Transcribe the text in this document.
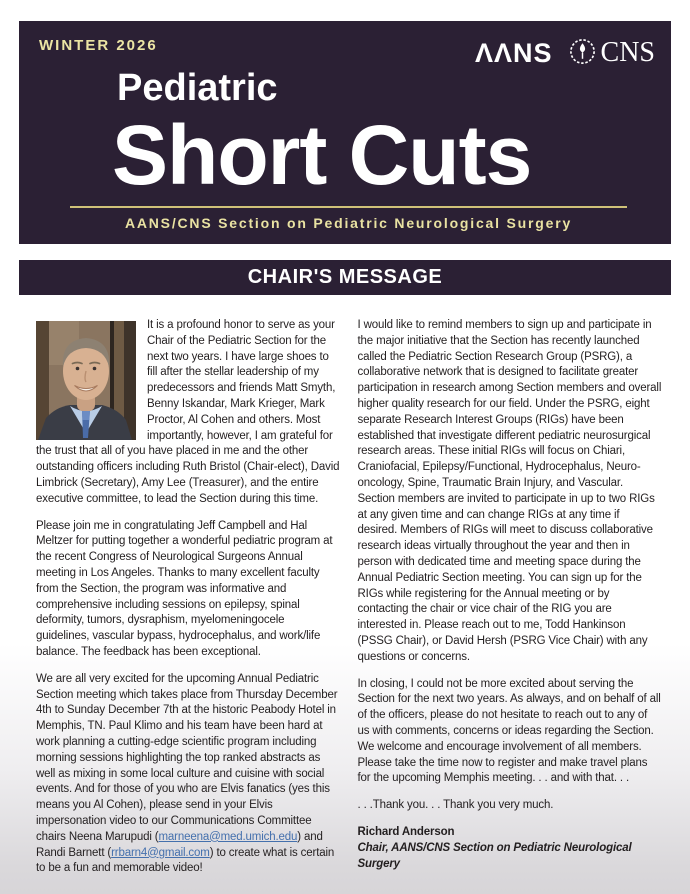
WINTER 2026	ΛΛNS CNS
Pediatric
Short Cuts
AANS/CNS Section on Pediatric Neurological Surgery
CHAIR'S MESSAGE

It is a profound honor to serve as your Chair of the Pediatric Section for the next two years. I have large shoes to fill after the stellar leadership of my predecessors and friends Matt Smyth, Benny Iskandar, Mark Krieger, Mark Proctor, Al Cohen and others. Most importantly, however, I am grateful for the trust that all of you have placed in me and the other outstanding officers including Ruth Bristol (Chair-elect), David Limbrick (Secretary), Amy Lee (Treasurer), and the entire executive committee, to lead the Section during this time.

Please join me in congratulating Jeff Campbell and Hal Meltzer for putting together a wonderful pediatric program at the recent Congress of Neurological Surgeons Annual meeting in Los Angeles. Thanks to many excellent faculty from the Section, the program was informative and comprehensive including sessions on epilepsy, spinal deformity, tumors, dysraphism, myelomeningocele guidelines, vascular bypass, hydrocephalus, and work/life balance. The feedback has been exceptional.

We are all very excited for the upcoming Annual Pediatric Section meeting which takes place from Thursday December 4th to Sunday December 7th at the historic Peabody Hotel in Memphis, TN. Paul Klimo and his team have been hard at work planning a cutting-edge scientific program including morning sessions highlighting the top ranked abstracts as well as mixing in some local culture and cuisine with social events. And for those of you who are Elvis fanatics (yes this means you Al Cohen), please send in your Elvis impersonation video to our Communications Committee chairs Neena Marupudi (marneena@med.umich.edu) and Randi Barnett (rrbarn4@gmail.com) to create what is certain to be a fun and memorable video!

I would like to remind members to sign up and participate in the major initiative that the Section has recently launched called the Pediatric Section Research Group (PSRG), a collaborative network that is designed to facilitate greater participation in research among Section members and overall higher quality research for our field. Under the PSRG, eight separate Research Interest Groups (RIGs) have been established that investigate different pediatric neurosurgical research areas. These initial RIGs will focus on Chiari, Craniofacial, Epilepsy/Functional, Hydrocephalus, Neuro-oncology, Spine, Traumatic Brain Injury, and Vascular. Section members are invited to participate in up to two RIGs at any given time and can change RIGs at any time if desired. Members of RIGs will meet to discuss collaborative research ideas virtually throughout the year and then in person with dedicated time and meeting space during the Annual Pediatric Section meeting. You can sign up for the RIGs while registering for the Annual meeting or by contacting the chair or vice chair of the RIG you are interested in. Please reach out to me, Todd Hankinson (PSSG Chair), or David Hersh (PSRG Vice Chair) with any questions or concerns.

In closing, I could not be more excited about serving the Section for the next two years. As always, and on behalf of all of the officers, please do not hesitate to reach out to any of us with comments, concerns or ideas regarding the Section. We welcome and encourage involvement of all members. Please take the time now to register and make travel plans for the upcoming Memphis meeting. . . and with that. . .

. . .Thank you. . . Thank you very much.

Richard Anderson
Chair, AANS/CNS Section on Pediatric Neurological Surgery
